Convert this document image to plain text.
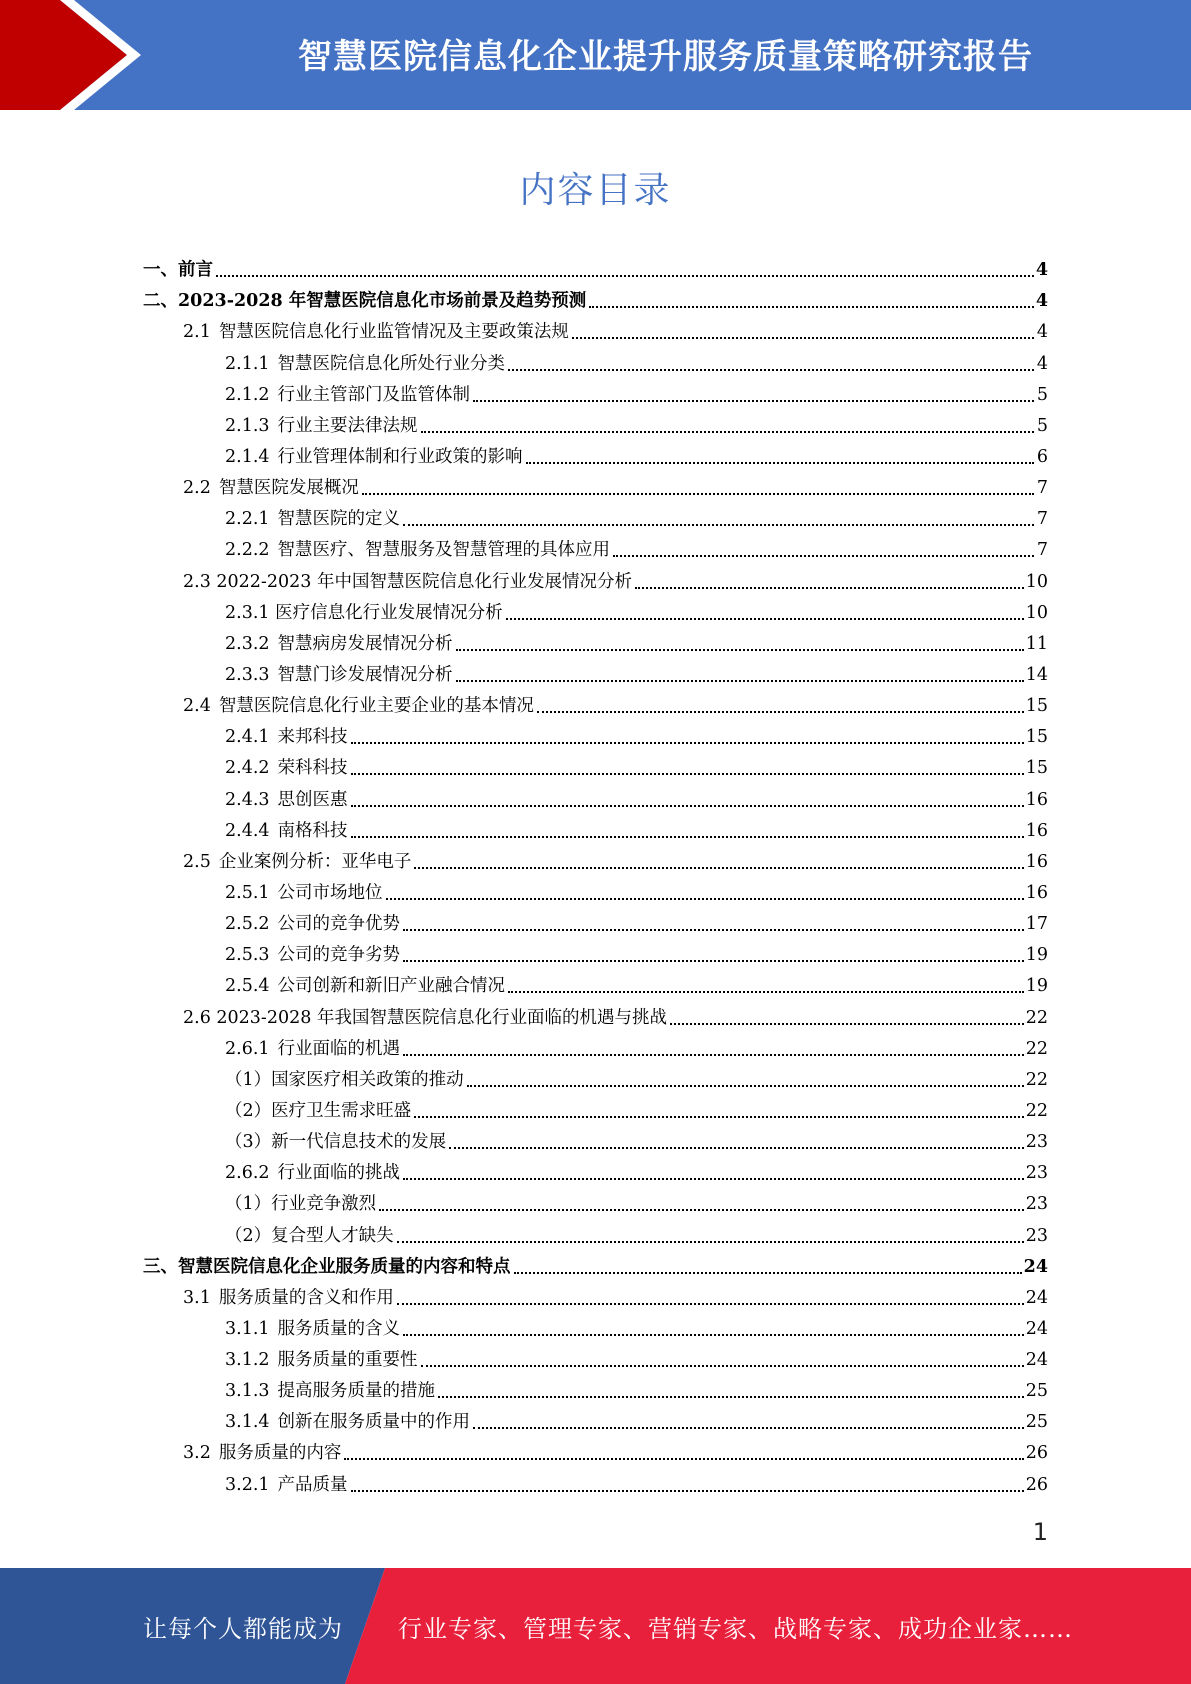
智慧医院信息化企业提升服务质量策略研究报告
内容目录
一、前言	4
二、2023-2028 年智慧医院信息化市场前景及趋势预测	4
2.1 智慧医院信息化行业监管情况及主要政策法规	4
2.1.1 智慧医院信息化所处行业分类	4
2.1.2 行业主管部门及监管体制	5
2.1.3 行业主要法律法规	5
2.1.4 行业管理体制和行业政策的影响	6
2.2 智慧医院发展概况	7
2.2.1 智慧医院的定义	7
2.2.2 智慧医疗、智慧服务及智慧管理的具体应用	7
2.3 2022-2023 年中国智慧医院信息化行业发展情况分析	10
2.3.1 医疗信息化行业发展情况分析	10
2.3.2 智慧病房发展情况分析	11
2.3.3 智慧门诊发展情况分析	14
2.4 智慧医院信息化行业主要企业的基本情况	15
2.4.1 来邦科技	15
2.4.2 荣科科技	15
2.4.3 思创医惠	16
2.4.4 南格科技	16
2.5 企业案例分析：亚华电子	16
2.5.1 公司市场地位	16
2.5.2 公司的竞争优势	17
2.5.3 公司的竞争劣势	19
2.5.4 公司创新和新旧产业融合情况	19
2.6 2023-2028 年我国智慧医院信息化行业面临的机遇与挑战	22
2.6.1 行业面临的机遇	22
（1）国家医疗相关政策的推动	22
（2）医疗卫生需求旺盛	22
（3）新一代信息技术的发展	23
2.6.2 行业面临的挑战	23
（1）行业竞争激烈	23
（2）复合型人才缺失	23
三、智慧医院信息化企业服务质量的内容和特点	24
3.1 服务质量的含义和作用	24
3.1.1 服务质量的含义	24
3.1.2 服务质量的重要性	24
3.1.3 提高服务质量的措施	25
3.1.4 创新在服务质量中的作用	25
3.2 服务质量的内容	26
3.2.1 产品质量	26
1
让每个人都能成为 行业专家、管理专家、营销专家、战略专家、成功企业家……
